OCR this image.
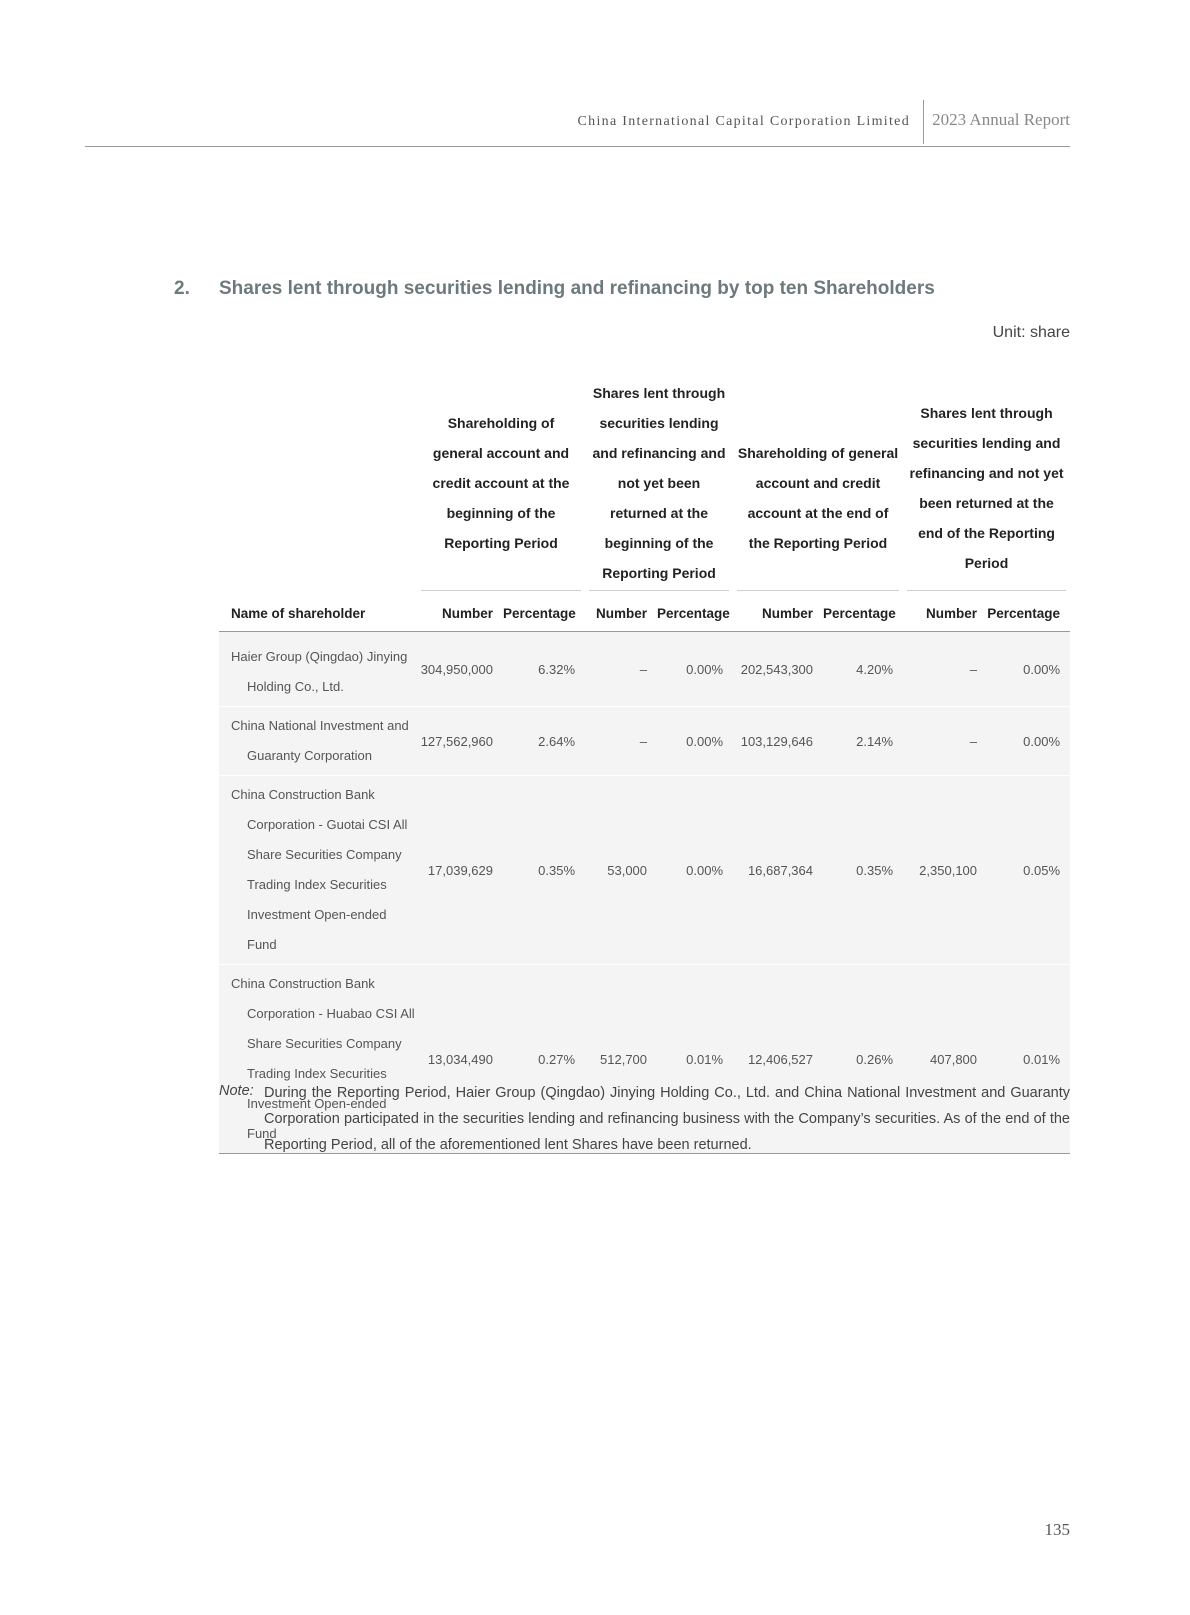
China International Capital Corporation Limited 2023 Annual Report
2. Shares lent through securities lending and refinancing by top ten Shareholders
Unit: share

	Shareholding of general account and credit account at the beginning of the Reporting Period		Shares lent through securities lending and refinancing and not yet been returned at the beginning of the Reporting Period		Shareholding of general account and credit account at the end of the Reporting Period		Shares lent through securities lending and refinancing and not yet been returned at the end of the Reporting Period	

Name of shareholder	Number	Percentage	Number	Percentage	Number	Percentage	Number	Percentage

Haier Group (Qingdao) Jinying
Holding Co., Ltd.	304,950,000	6.32%	–	0.00%	202,543,300	4.20%	–	0.00%

China National Investment and
Guaranty Corporation	127,562,960	2.64%	–	0.00%	103,129,646	2.14%	–	0.00%

China Construction Bank
Corporation - Guotai CSI All
Share Securities Company
Trading Index Securities
Investment Open-ended Fund	17,039,629	0.35%	53,000	0.00%	16,687,364	0.35%	2,350,100	0.05%

China Construction Bank
Corporation - Huabao CSI All
Share Securities Company
Trading Index Securities
Investment Open-ended Fund	13,034,490	0.27%	512,700	0.01%	12,406,527	0.26%	407,800	0.01%
Note: During the Reporting Period, Haier Group (Qingdao) Jinying Holding Co., Ltd. and China National Investment and Guaranty Corporation participated in the securities lending and refinancing business with the Company’s securities. As of the end of the Reporting Period, all of the aforementioned lent Shares have been returned.
135
